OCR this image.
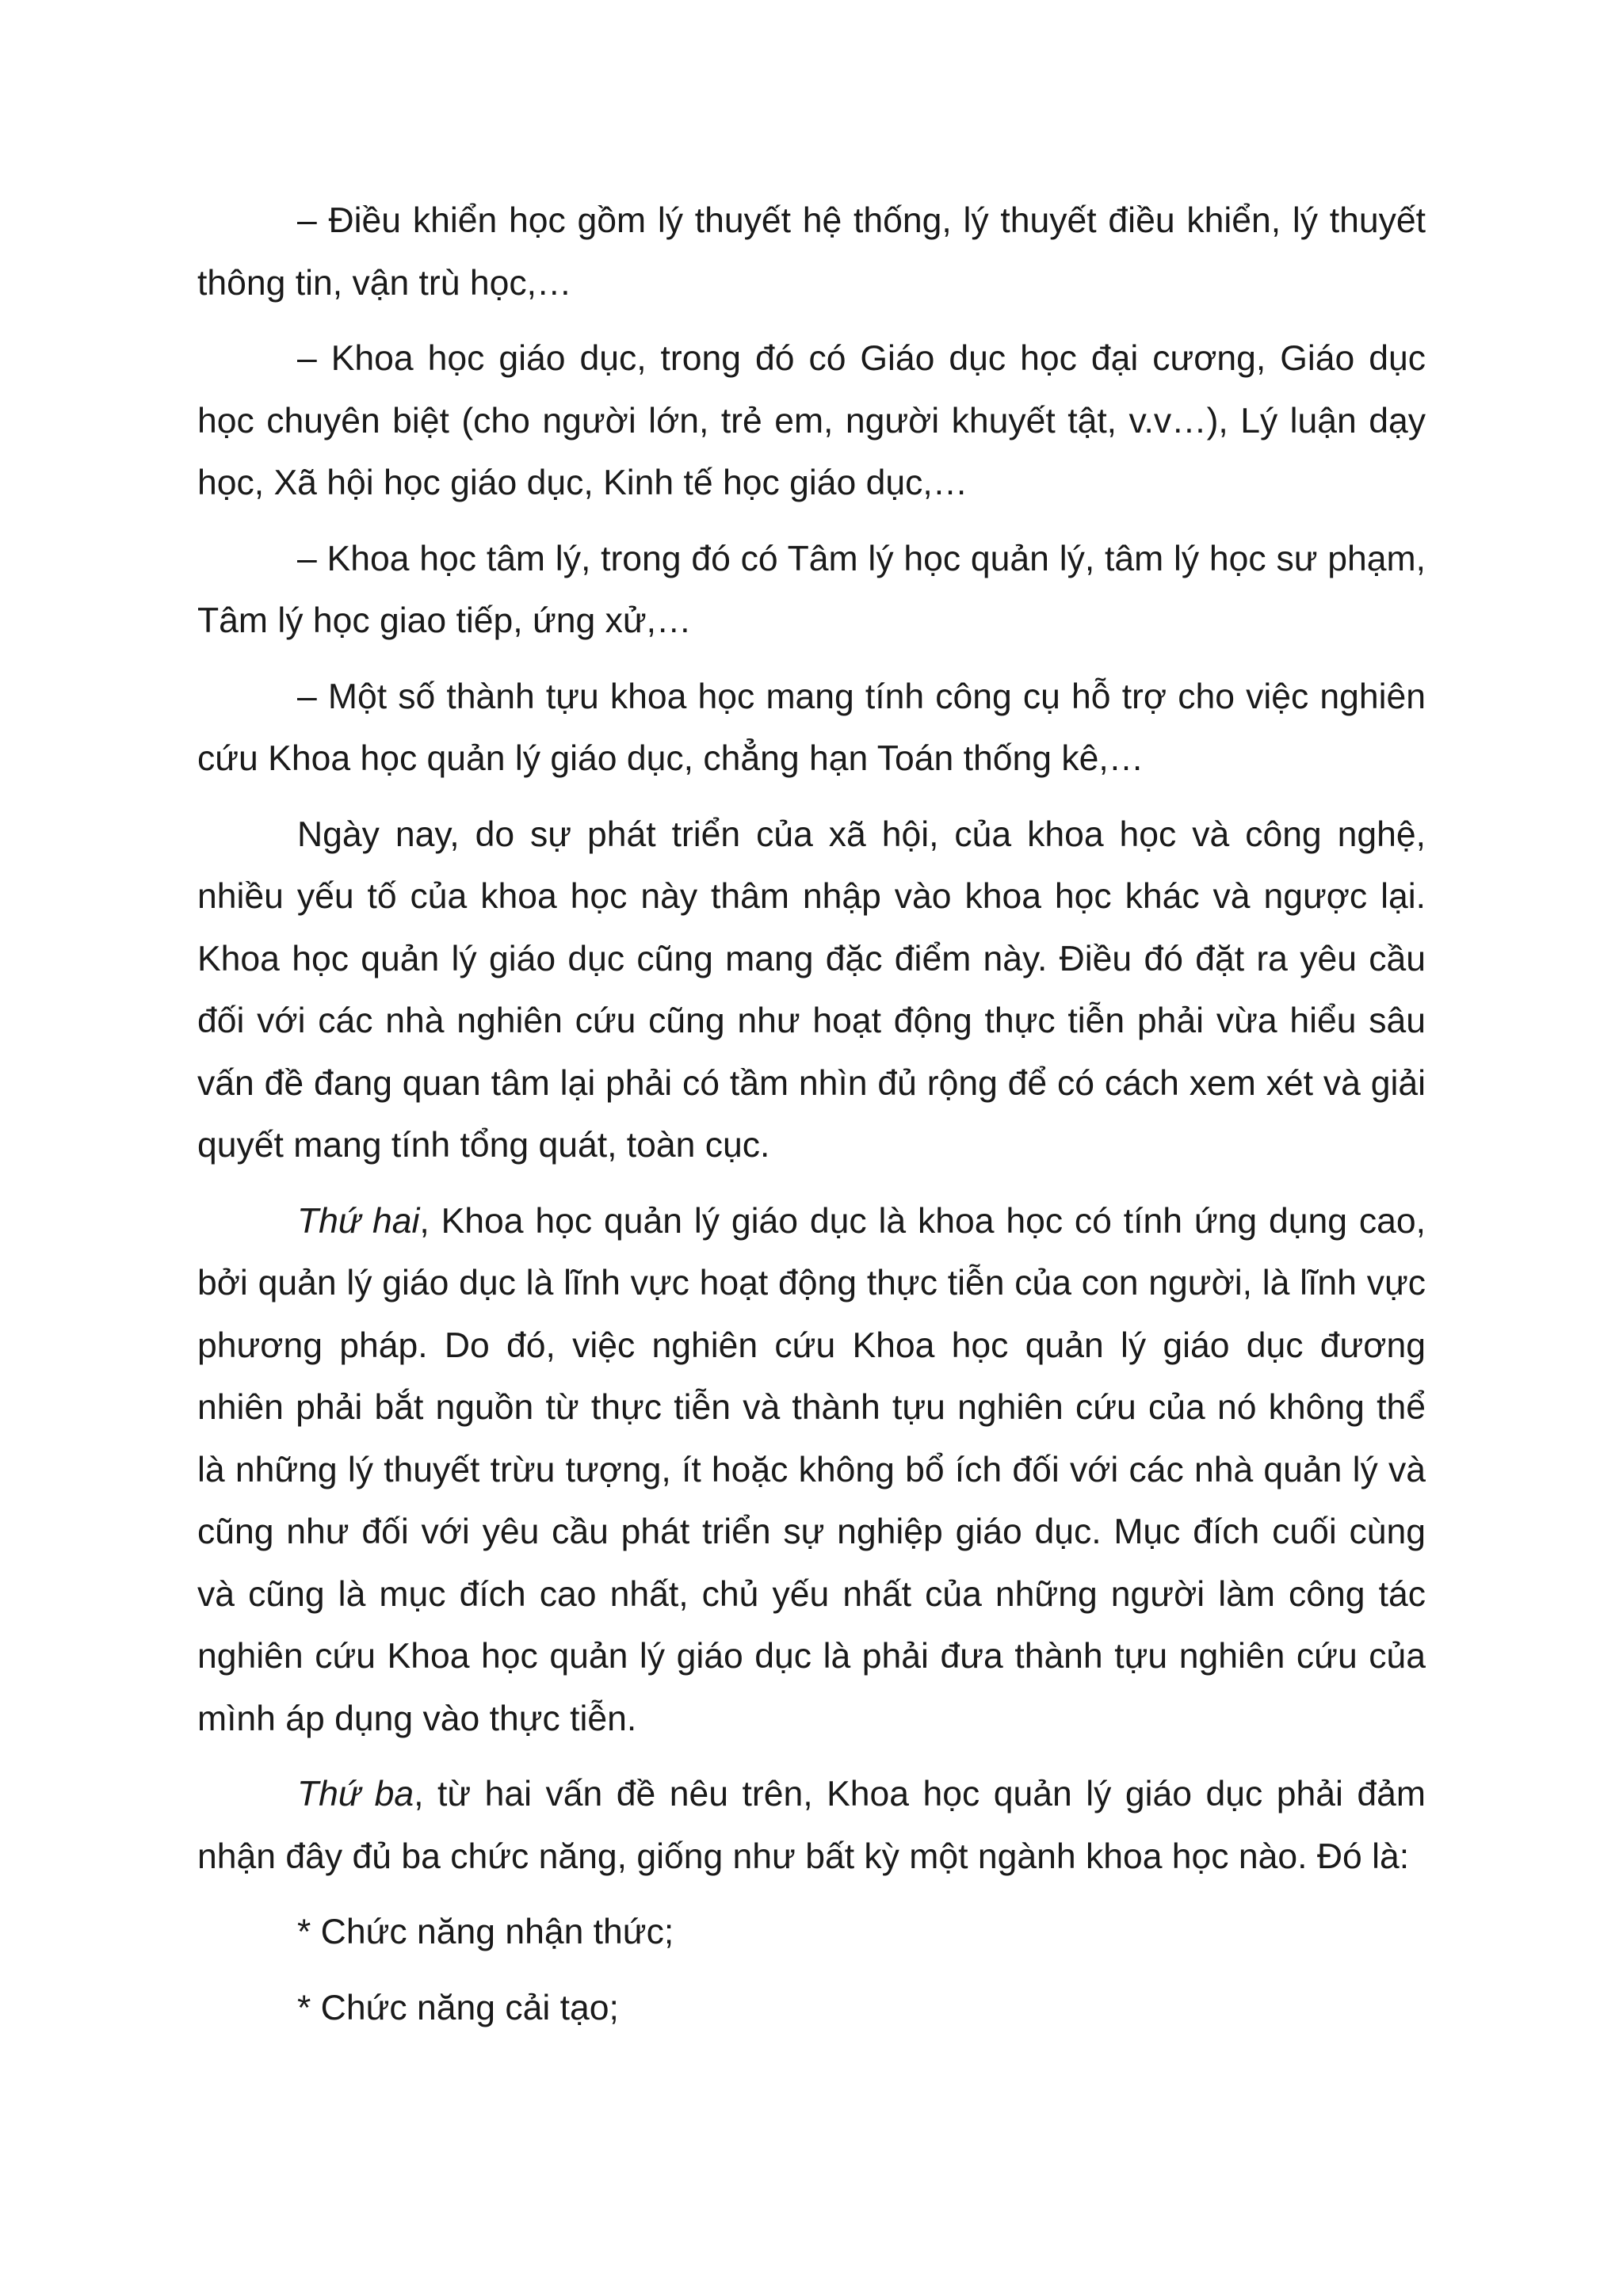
– Điều khiển học gồm lý thuyết hệ thống, lý thuyết điều khiển, lý thuyết thông tin, vận trù học,…

– Khoa học giáo dục, trong đó có Giáo dục học đại cương, Giáo dục học chuyên biệt (cho người lớn, trẻ em, người khuyết tật, v.v…), Lý luận dạy học, Xã hội học giáo dục, Kinh tế học giáo dục,…

– Khoa học tâm lý, trong đó có Tâm lý học quản lý, tâm lý học sư phạm, Tâm lý học giao tiếp, ứng xử,…

– Một số thành tựu khoa học mang tính công cụ hỗ trợ cho việc nghiên cứu Khoa học quản lý giáo dục, chẳng hạn Toán thống kê,…

Ngày nay, do sự phát triển của xã hội, của khoa học và công nghệ, nhiều yếu tố của khoa học này thâm nhập vào khoa học khác và ngược lại. Khoa học quản lý giáo dục cũng mang đặc điểm này. Điều đó đặt ra yêu cầu đối với các nhà nghiên cứu cũng như hoạt động thực tiễn phải vừa hiểu sâu vấn đề đang quan tâm lại phải có tầm nhìn đủ rộng để có cách xem xét và giải quyết mang tính tổng quát, toàn cục.

Thứ hai, Khoa học quản lý giáo dục là khoa học có tính ứng dụng cao, bởi quản lý giáo dục là lĩnh vực hoạt động thực tiễn của con người, là lĩnh vực phương pháp. Do đó, việc nghiên cứu Khoa học quản lý giáo dục đương nhiên phải bắt nguồn từ thực tiễn và thành tựu nghiên cứu của nó không thể là những lý thuyết trừu tượng, ít hoặc không bổ ích đối với các nhà quản lý và cũng như đối với yêu cầu phát triển sự nghiệp giáo dục. Mục đích cuối cùng và cũng là mục đích cao nhất, chủ yếu nhất của những người làm công tác nghiên cứu Khoa học quản lý giáo dục là phải đưa thành tựu nghiên cứu của mình áp dụng vào thực tiễn.

Thứ ba, từ hai vấn đề nêu trên, Khoa học quản lý giáo dục phải đảm nhận đây đủ ba chức năng, giống như bất kỳ một ngành khoa học nào. Đó là:

* Chức năng nhận thức;

* Chức năng cải tạo;
